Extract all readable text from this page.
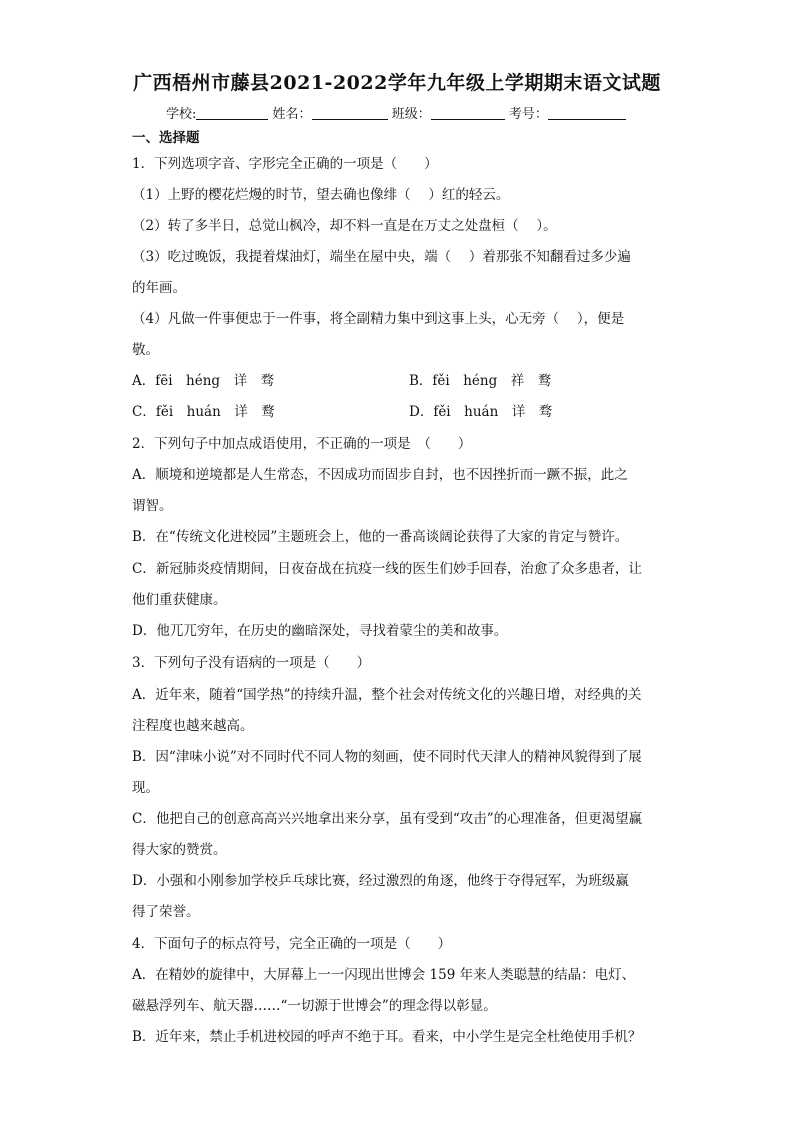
广西梧州市藤县2021-2022学年九年级上学期期末语文试题
学校:	姓名：	班级：	考号：
一、选择题
1．下列选项字音、字形完全正确的一项是（　　）
（1）上野的樱花烂熳的时节，望去确也像绯（　 ）红的轻云。
（2）转了多半日，总觉山枫冷，却不料一直是在万丈之处盘桓（　 ）。
（3）吃过晚饭，我提着煤油灯，端坐在屋中央，端（　 ）着那张不知翻看过多少遍
的年画。
（4）凡做一件事便忠于一件事，将全副精力集中到这事上头，心无旁（　 ），便是
敬。
A．fēi　héng　详　骛	B．fěi　héng　祥　鹜
C．fěi　huán　详　鹜	D．fěi　huán　详　骛
2．下列句子中加点成语使用，不正确的一项是　（　　）
A．顺境和逆境都是人生常态，不因成功而固步自封，也不因挫折而一蹶不振，此之
谓智。
B．在“传统文化进校园”主题班会上，他的一番高谈阔论获得了大家的肯定与赞许。
C．新冠肺炎疫情期间，日夜奋战在抗疫一线的医生们妙手回春，治愈了众多患者，让
他们重获健康。
D．他兀兀穷年，在历史的幽暗深处，寻找着蒙尘的美和故事。
3．下列句子没有语病的一项是（　　）
A．近年来，随着“国学热”的持续升温，整个社会对传统文化的兴趣日增，对经典的关
注程度也越来越高。
B．因“津味小说”对不同时代不同人物的刻画，使不同时代天津人的精神风貌得到了展
现。
C．他把自己的创意高高兴兴地拿出来分享，虽有受到“攻击”的心理准备，但更渴望赢
得大家的赞赏。
D．小强和小刚参加学校乒乓球比赛，经过激烈的角逐，他终于夺得冠军，为班级赢
得了荣誉。
4．下面句子的标点符号，完全正确的一项是（　　）
A．在精妙的旋律中，大屏幕上一一闪现出世博会 159 年来人类聪慧的结晶：电灯、
磁悬浮列车、航天器……“一切源于世博会”的理念得以彰显。
B．近年来，禁止手机进校园的呼声不绝于耳。看来，中小学生是完全杜绝使用手机？
